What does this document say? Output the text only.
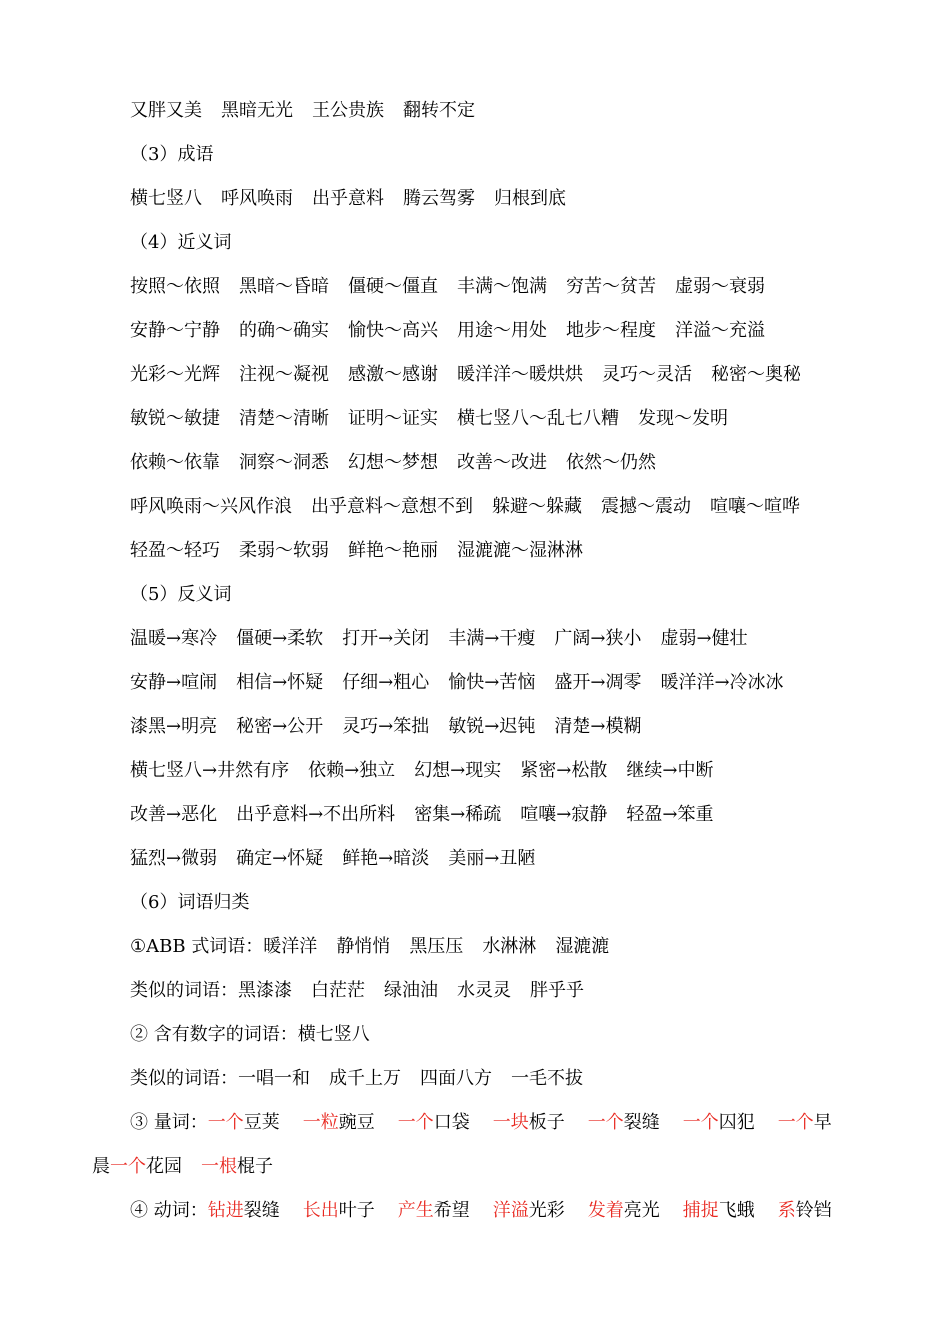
又胖又美 黑暗无光 王公贵族 翻转不定
（3）成语
横七竖八 呼风唤雨 出乎意料 腾云驾雾 归根到底
（4）近义词
按照～依照 黑暗～昏暗 僵硬～僵直 丰满～饱满 穷苦～贫苦 虚弱～衰弱
安静～宁静 的确～确实 愉快～高兴 用途～用处 地步～程度 洋溢～充溢
光彩～光辉 注视～凝视 感激～感谢 暖洋洋～暖烘烘 灵巧～灵活 秘密～奥秘
敏锐～敏捷 清楚～清晰 证明～证实 横七竖八～乱七八糟 发现～发明
依赖～依靠 洞察～洞悉 幻想～梦想 改善～改进 依然～仍然
呼风唤雨～兴风作浪 出乎意料～意想不到 躲避～躲藏 震撼～震动 喧嚷～喧哗
轻盈～轻巧 柔弱～软弱 鲜艳～艳丽 湿漉漉～湿淋淋
（5）反义词
温暖→寒冷 僵硬→柔软 打开→关闭 丰满→干瘦 广阔→狭小 虚弱→健壮
安静→喧闹 相信→怀疑 仔细→粗心 愉快→苦恼 盛开→凋零 暖洋洋→冷冰冰
漆黑→明亮 秘密→公开 灵巧→笨拙 敏锐→迟钝 清楚→模糊
横七竖八→井然有序 依赖→独立 幻想→现实 紧密→松散 继续→中断
改善→恶化 出乎意料→不出所料 密集→稀疏 喧嚷→寂静 轻盈→笨重
猛烈→微弱 确定→怀疑 鲜艳→暗淡 美丽→丑陋
（6）词语归类
①ABB 式词语：暖洋洋 静悄悄 黑压压 水淋淋 湿漉漉
类似的词语：黑漆漆 白茫茫 绿油油 水灵灵 胖乎乎
② 含有数字的词语：横七竖八
类似的词语：一唱一和 成千上万 四面八方 一毛不拔
③ 量词：一个豆荚 一粒豌豆 一个口袋 一块板子 一个裂缝 一个囚犯 一个早
晨一个花园 一根棍子
④ 动词：钻进裂缝 长出叶子 产生希望 洋溢光彩 发着亮光 捕捉飞蛾 系铃铛
